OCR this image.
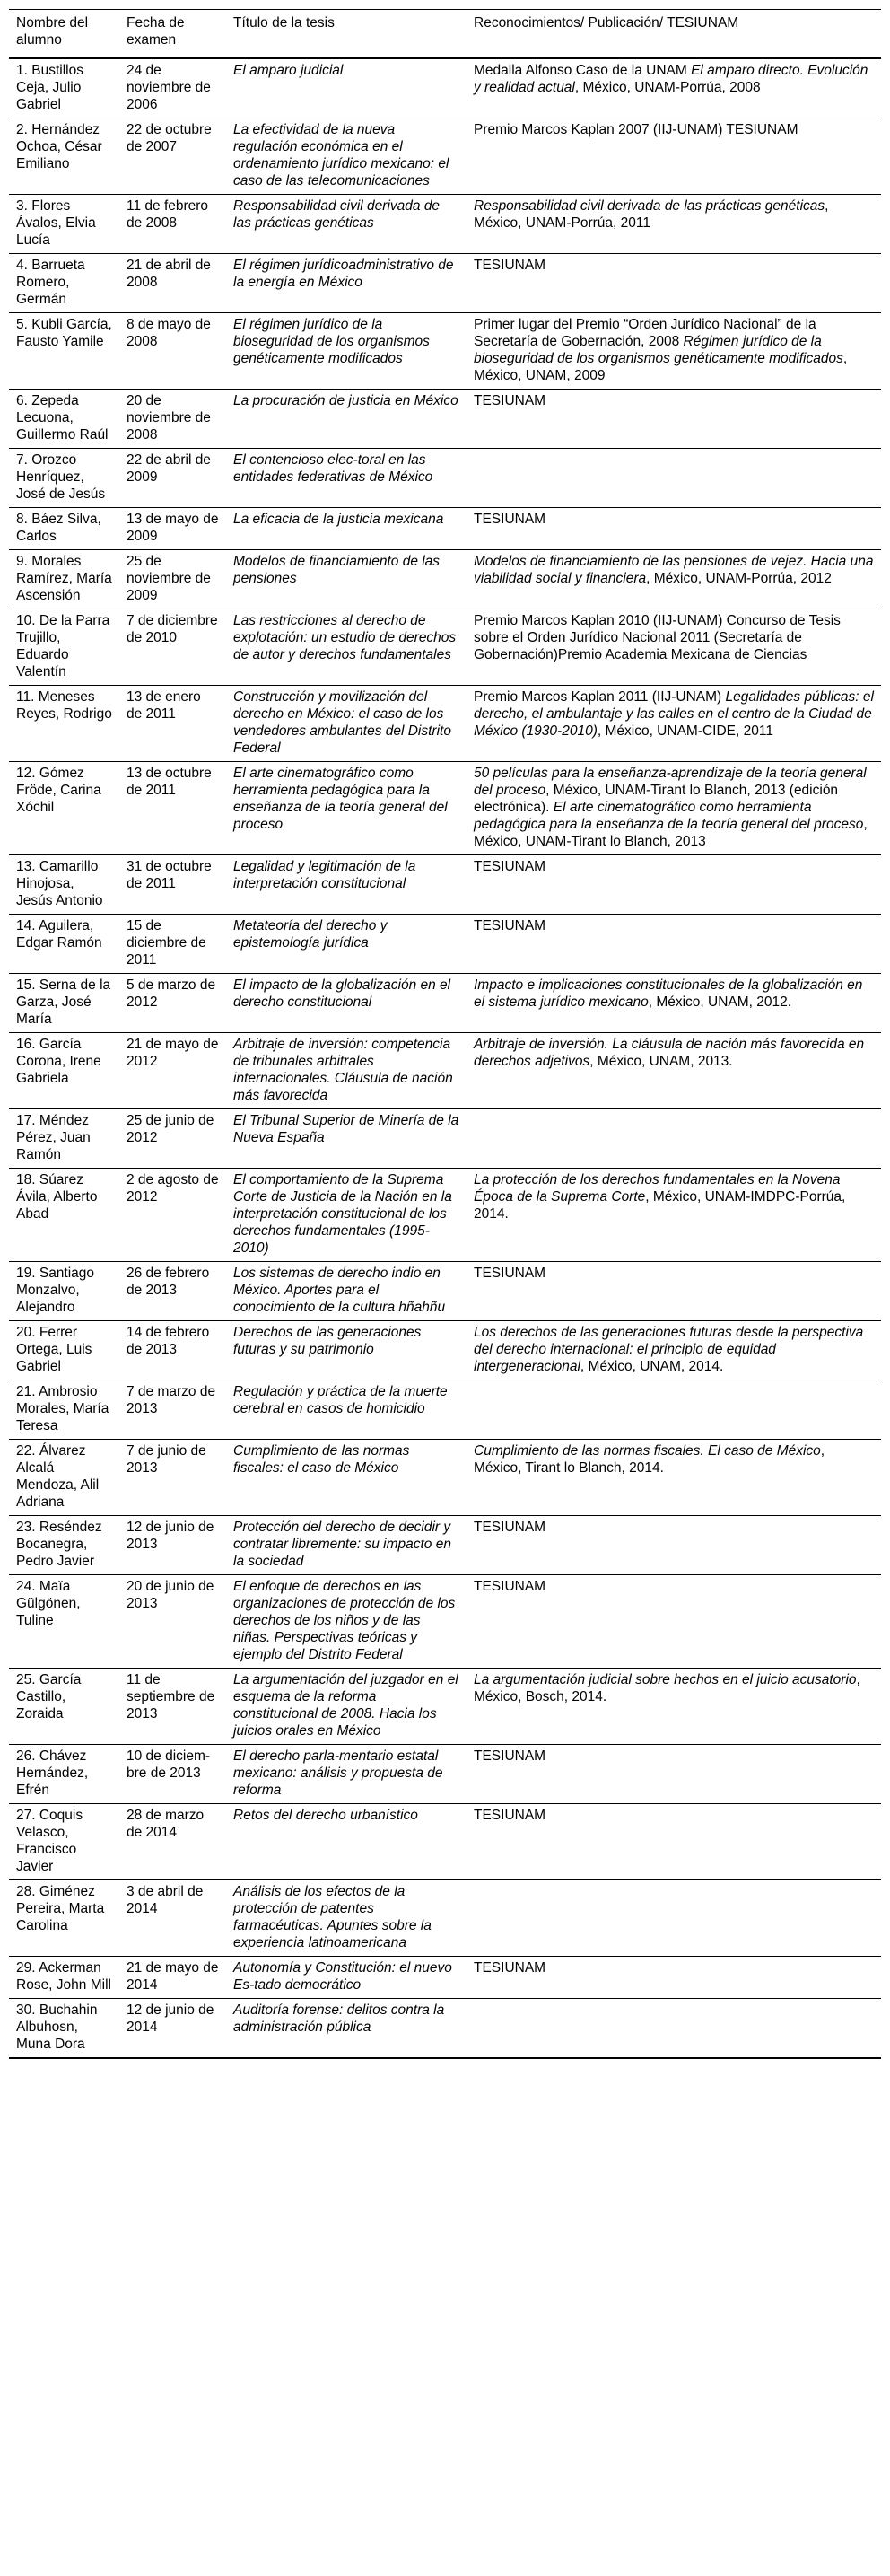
Nombre del alumno	Fecha de examen	Título de la tesis	Reconocimientos/ Publicación/ TESIUNAM
1. Bustillos Ceja, Julio Gabriel	24 de noviembre de 2006	El amparo judicial	Medalla Alfonso Caso de la UNAM El amparo directo. Evolución y realidad actual, México, UNAM-Porrúa, 2008
2. Hernández Ochoa, César Emiliano	22 de octubre de 2007	La efectividad de la nueva regulación económica en el ordenamiento jurídico mexicano: el caso de las telecomunicaciones	Premio Marcos Kaplan 2007 (IIJ-UNAM) TESIUNAM
3. Flores Ávalos, Elvia Lucía	11 de febrero de 2008	Responsabilidad civil derivada de las prácticas genéticas	Responsabilidad civil derivada de las prácticas genéticas, México, UNAM-Porrúa, 2011
4. Barrueta Romero, Germán	21 de abril de 2008	El régimen jurídicoadministrativo de la energía en México	TESIUNAM
5. Kubli García, Fausto Yamile	8 de mayo de 2008	El régimen jurídico de la bioseguridad de los organismos genéticamente modificados	Primer lugar del Premio “Orden Jurídico Nacional” de la Secretaría de Gobernación, 2008 Régimen jurídico de la bioseguridad de los organismos genéticamente modificados, México, UNAM, 2009
6. Zepeda Lecuona, Guillermo Raúl	20 de noviembre de 2008	La procuración de justicia en México	TESIUNAM
7. Orozco Henríquez, José de Jesús	22 de abril de 2009	El contencioso elec-toral en las entidades federativas de México	
8. Báez Silva, Carlos	13 de mayo de 2009	La eficacia de la justicia mexicana	TESIUNAM
9. Morales Ramírez, María Ascensión	25 de noviembre de 2009	Modelos de financiamiento de las pensiones	Modelos de financiamiento de las pensiones de vejez. Hacia una viabilidad social y financiera, México, UNAM-Porrúa, 2012
10. De la Parra Trujillo, Eduardo Valentín	7 de diciembre de 2010	Las restricciones al derecho de explotación: un estudio de derechos de autor y derechos fundamentales	Premio Marcos Kaplan 2010 (IIJ-UNAM) Concurso de Tesis sobre el Orden Jurídico Nacional 2011 (Secretaría de Gobernación)Premio Academia Mexicana de Ciencias
11. Meneses Reyes, Rodrigo	13 de enero de 2011	Construcción y movilización del derecho en México: el caso de los vendedores ambulantes del Distrito Federal	Premio Marcos Kaplan 2011 (IIJ-UNAM) Legalidades públicas: el derecho, el ambulantaje y las calles en el centro de la Ciudad de México (1930-2010), México, UNAM-CIDE, 2011
12. Gómez Fröde, Carina Xóchil	13 de octubre de 2011	El arte cinematográfico como herramienta pedagógica para la enseñanza de la teoría general del proceso	50 películas para la enseñanza-aprendizaje de la teoría general del proceso, México, UNAM-Tirant lo Blanch, 2013 (edición electrónica). El arte cinematográfico como herramienta pedagógica para la enseñanza de la teoría general del proceso, México, UNAM-Tirant lo Blanch, 2013
13. Camarillo Hinojosa, Jesús Antonio	31 de octubre de 2011	Legalidad y legitimación de la interpretación constitucional	TESIUNAM
14. Aguilera, Edgar Ramón	15 de diciembre de 2011	Metateoría del derecho y epistemología jurídica	TESIUNAM
15. Serna de la Garza, José María	5 de marzo de 2012	El impacto de la globalización en el derecho constitucional	Impacto e implicaciones constitucionales de la globalización en el sistema jurídico mexicano, México, UNAM, 2012.
16. García Corona, Irene Gabriela	21 de mayo de 2012	Arbitraje de inversión: competencia de tribunales arbitrales internacionales. Cláusula de nación más favorecida	Arbitraje de inversión. La cláusula de nación más favorecida en derechos adjetivos, México, UNAM, 2013.
17. Méndez Pérez, Juan Ramón	25 de junio de 2012	El Tribunal Superior de Minería de la Nueva España	
18. Súarez Ávila, Alberto Abad	2 de agosto de 2012	El comportamiento de la Suprema Corte de Justicia de la Nación en la interpretación constitucional de los derechos fundamentales (1995-2010)	La protección de los derechos fundamentales en la Novena Época de la Suprema Corte, México, UNAM-IMDPC-Porrúa, 2014.
19. Santiago Monzalvo, Alejandro	26 de febrero de 2013	Los sistemas de derecho indio en México. Aportes para el conocimiento de la cultura hñahñu	TESIUNAM
20. Ferrer Ortega, Luis Gabriel	14 de febrero de 2013	Derechos de las generaciones futuras y su patrimonio	Los derechos de las generaciones futuras desde la perspectiva del derecho internacional: el principio de equidad intergeneracional, México, UNAM, 2014.
21. Ambrosio Morales, María Teresa	7 de marzo de 2013	Regulación y práctica de la muerte cerebral en casos de homicidio	
22. Álvarez Alcalá Mendoza, Alil Adriana	7 de junio de 2013	Cumplimiento de las normas fiscales: el caso de México	Cumplimiento de las normas fiscales. El caso de México, México, Tirant lo Blanch, 2014.
23. Reséndez Bocanegra, Pedro Javier	12 de junio de 2013	Protección del derecho de decidir y contratar libremente: su impacto en la sociedad	TESIUNAM
24. Maïa Gülgönen, Tuline	20 de junio de 2013	El enfoque de derechos en las organizaciones de protección de los derechos de los niños y de las niñas. Perspectivas teóricas y ejemplo del Distrito Federal	TESIUNAM
25. García Castillo, Zoraida	11 de septiembre de 2013	La argumentación del juzgador en el esquema de la reforma constitucional de 2008. Hacia los juicios orales en México	La argumentación judicial sobre hechos en el juicio acusatorio, México, Bosch, 2014.
26. Chávez Hernández, Efrén	10 de diciem-bre de 2013	El derecho parla-mentario estatal mexicano: análisis y propuesta de reforma	TESIUNAM
27. Coquis Velasco, Francisco Javier	28 de marzo de 2014	Retos del derecho urbanístico	TESIUNAM
28. Giménez Pereira, Marta Carolina	3 de abril de 2014	Análisis de los efectos de la protección de patentes farmacéuticas. Apuntes sobre la experiencia latinoamericana	
29. Ackerman Rose, John Mill	21 de mayo de 2014	Autonomía y Constitución: el nuevo Es-tado democrático	TESIUNAM
30. Buchahin Albuhosn, Muna Dora	12 de junio de 2014	Auditoría forense: delitos contra la administración pública	
